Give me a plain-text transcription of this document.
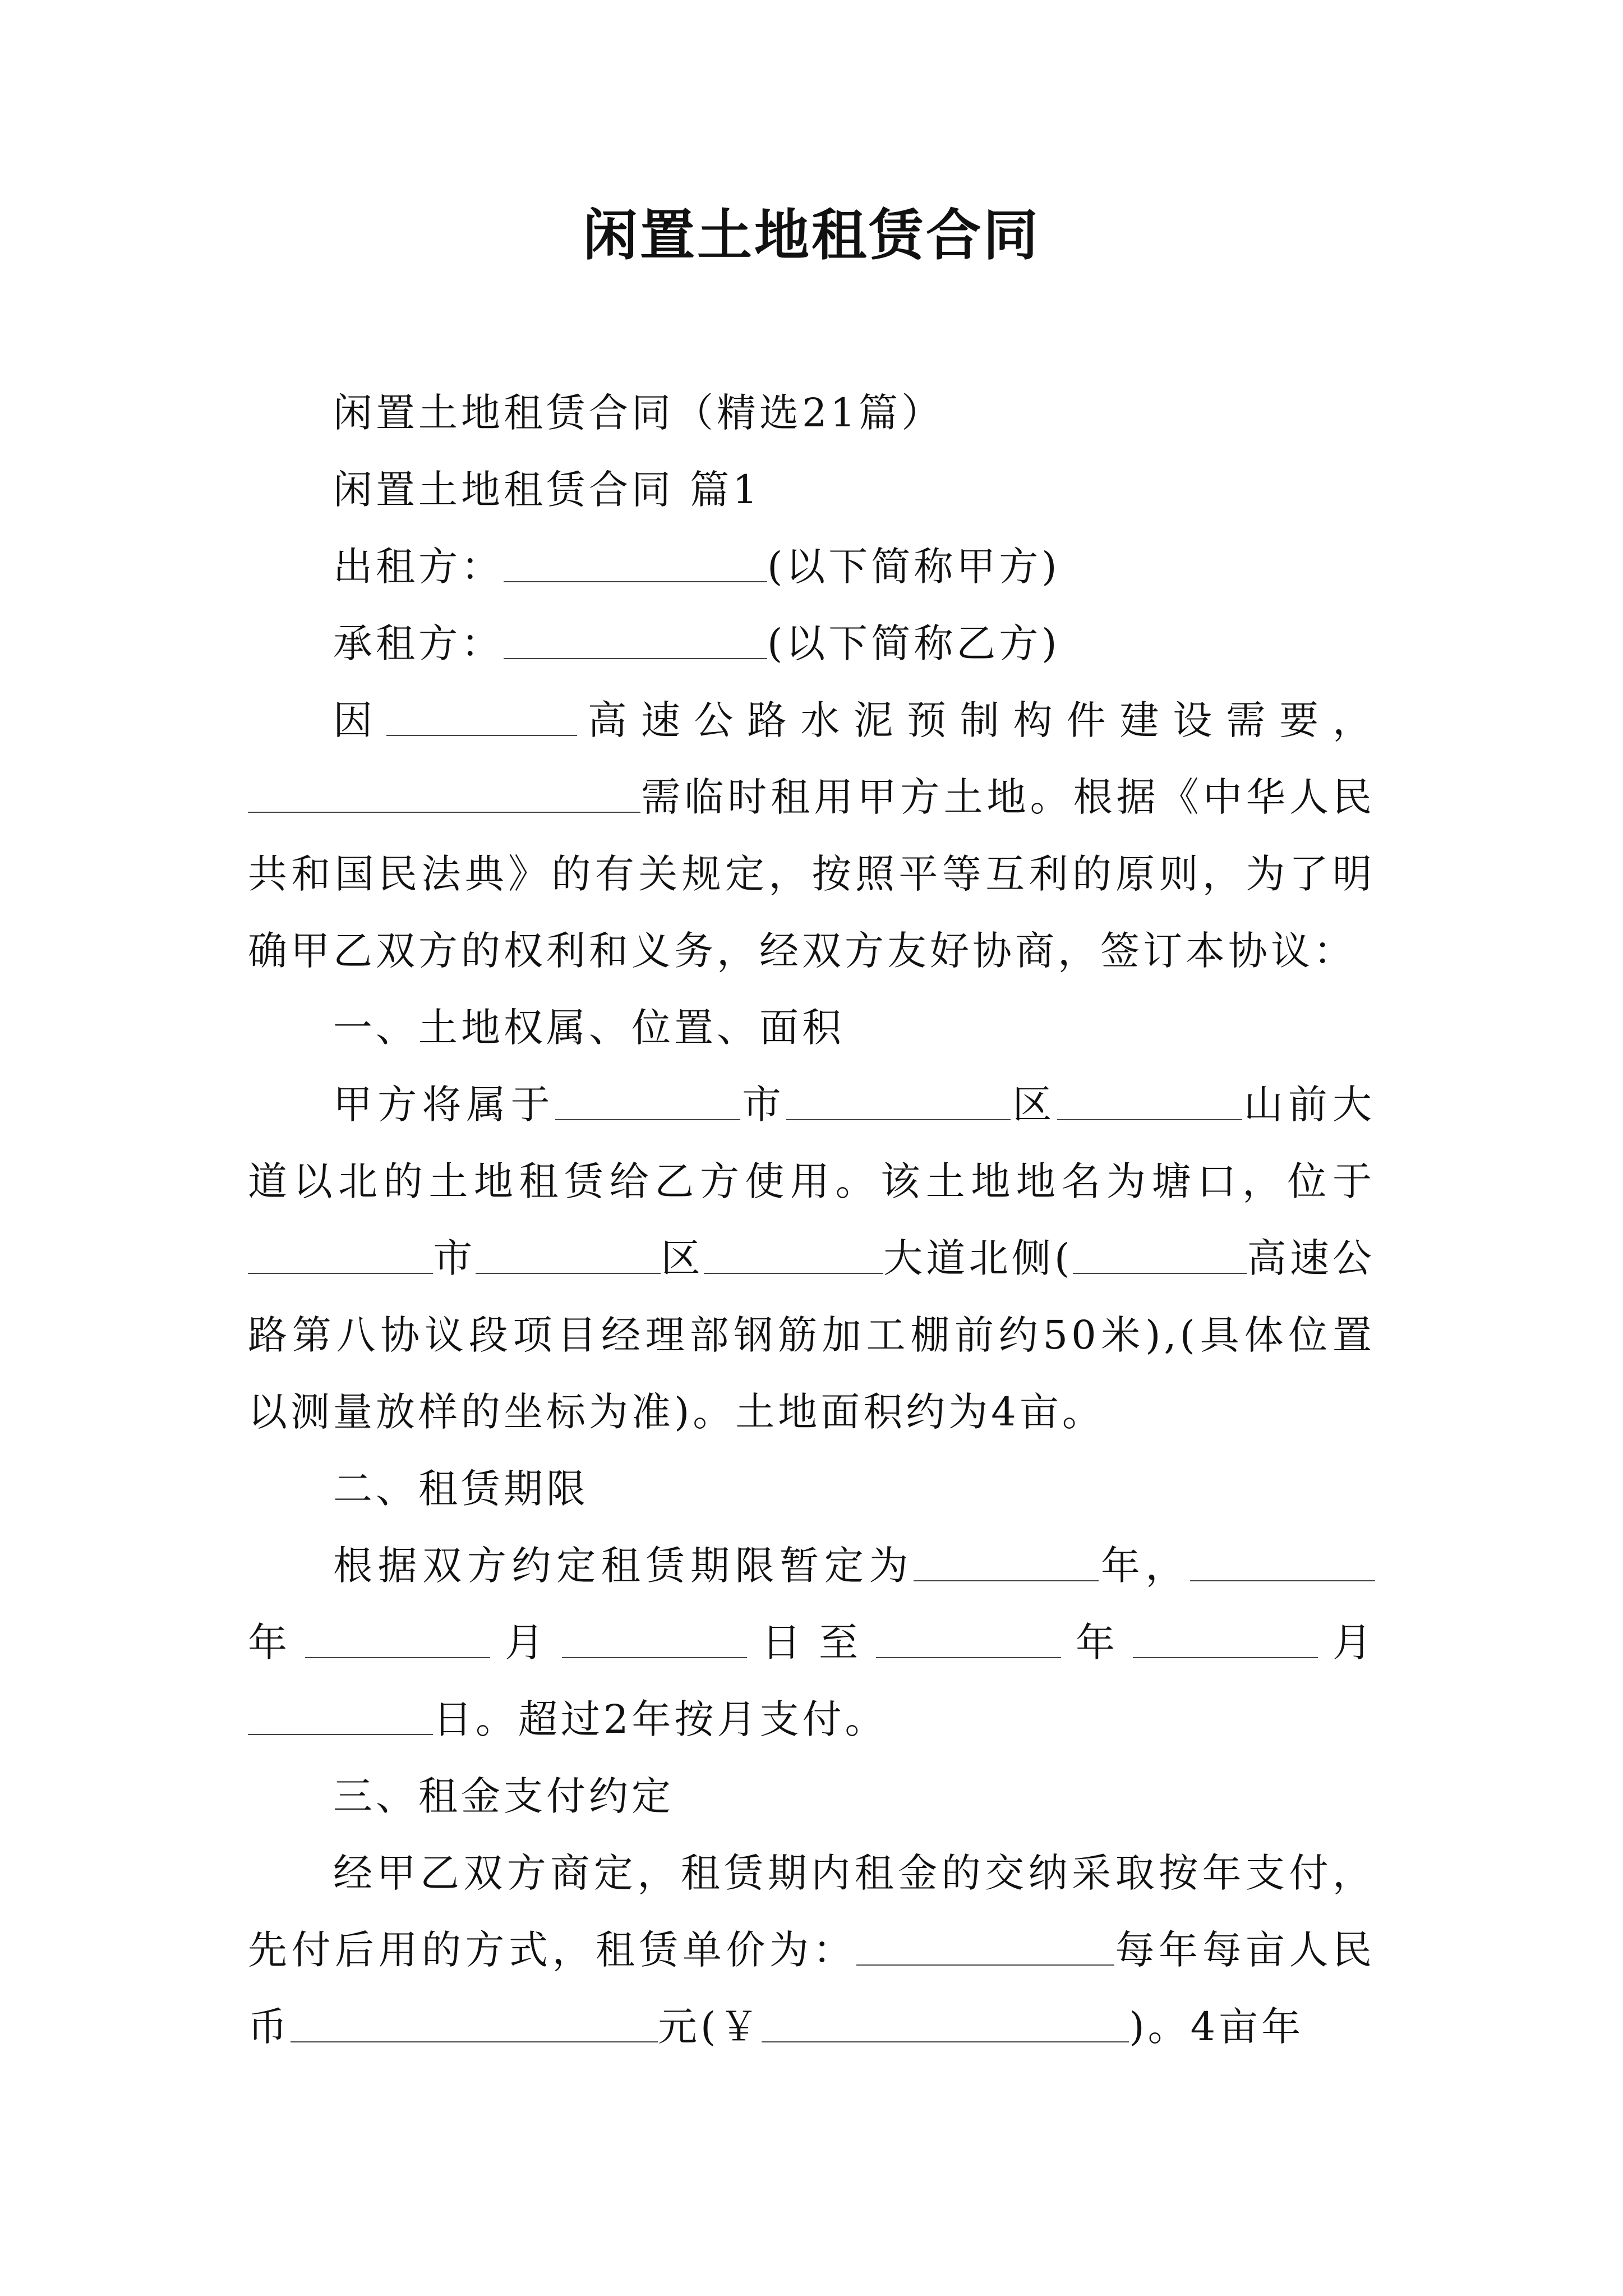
闲置土地租赁合同

闲置土地租赁合同（精选21篇）

闲置土地租赁合同 篇1

出租方：	(以下简称甲方)

承租方：	(以下简称乙方)

因	高速公路水泥预制构件建设需要，需临时租用甲方土地。根据《中华人民共和国民法典》的有关规定，按照平等互利的原则，为了明确甲乙双方的权利和义务，经双方友好协商，签订本协议：

一、土地权属、位置、面积

甲方将属于	市	区	山前大道以北的土地租赁给乙方使用。该土地地名为塘口，位于市	区	大道北侧(	高速公路第八协议段项目经理部钢筋加工棚前约50米),(具体位置以测量放样的坐标为准)。土地面积约为4亩。

二、租赁期限

根据双方约定租赁期限暂定为	年，年	月	日至	年	月日。超过2年按月支付。

三、租金支付约定

经甲乙双方商定，租赁期内租金的交纳采取按年支付，先付后用的方式，租赁单价为：	每年每亩人民币	元(￥	)。4亩年
